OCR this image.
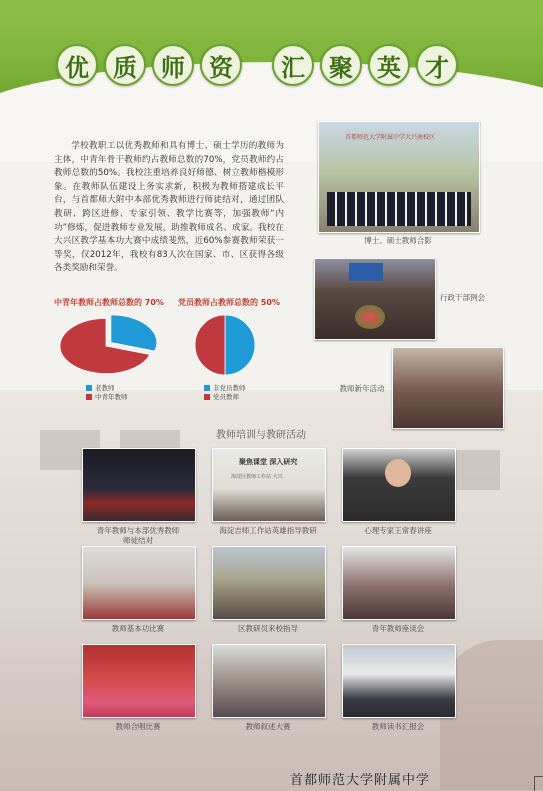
优	质	师	资	汇	聚	英	才
学校教职工以优秀教师和具有博士、硕士学历的教师为主体，中青年骨干教师约占教师总数的70%，党员教师约占教师总数的50%。我校注重培养良好师德、树立教师楷模形象。在教师队伍建设上务实求新，积极为教师搭建成长平台，与首都师大附中本部优秀教师进行师徒结对，通过团队教研、跨区进修、专家引领、教学比赛等，加强教师“内功”修炼，促进教师专业发展，助推教师成名、成家。我校在大兴区教学基本功大赛中成绩斐然，近60%参赛教师荣获一等奖，仅2012年，我校有83人次在国家、市、区获得各级各类奖励和荣誉。
中青年教师占教师总数的 70% 党员教师占教师总数的 50%
老教师
中青年教师
非党员教师
党员教师
首都师范大学附属中学大兴南校区
博士、硕士教师合影
行政干部例会
教师新年活动
教师培训与教研活动
青年教师与本部优秀教师
师徒结对
聚焦课堂 深入研究
海淀区教师工作站 大兴
海淀吉师工作站英雄指导教研	心理专家王常春讲座
教师基本功比赛	区教研员来校指导	青年教师座谈会
教师合唱比赛	教师叙述大赛	教师读书汇报会
首都师范大学附属中学
